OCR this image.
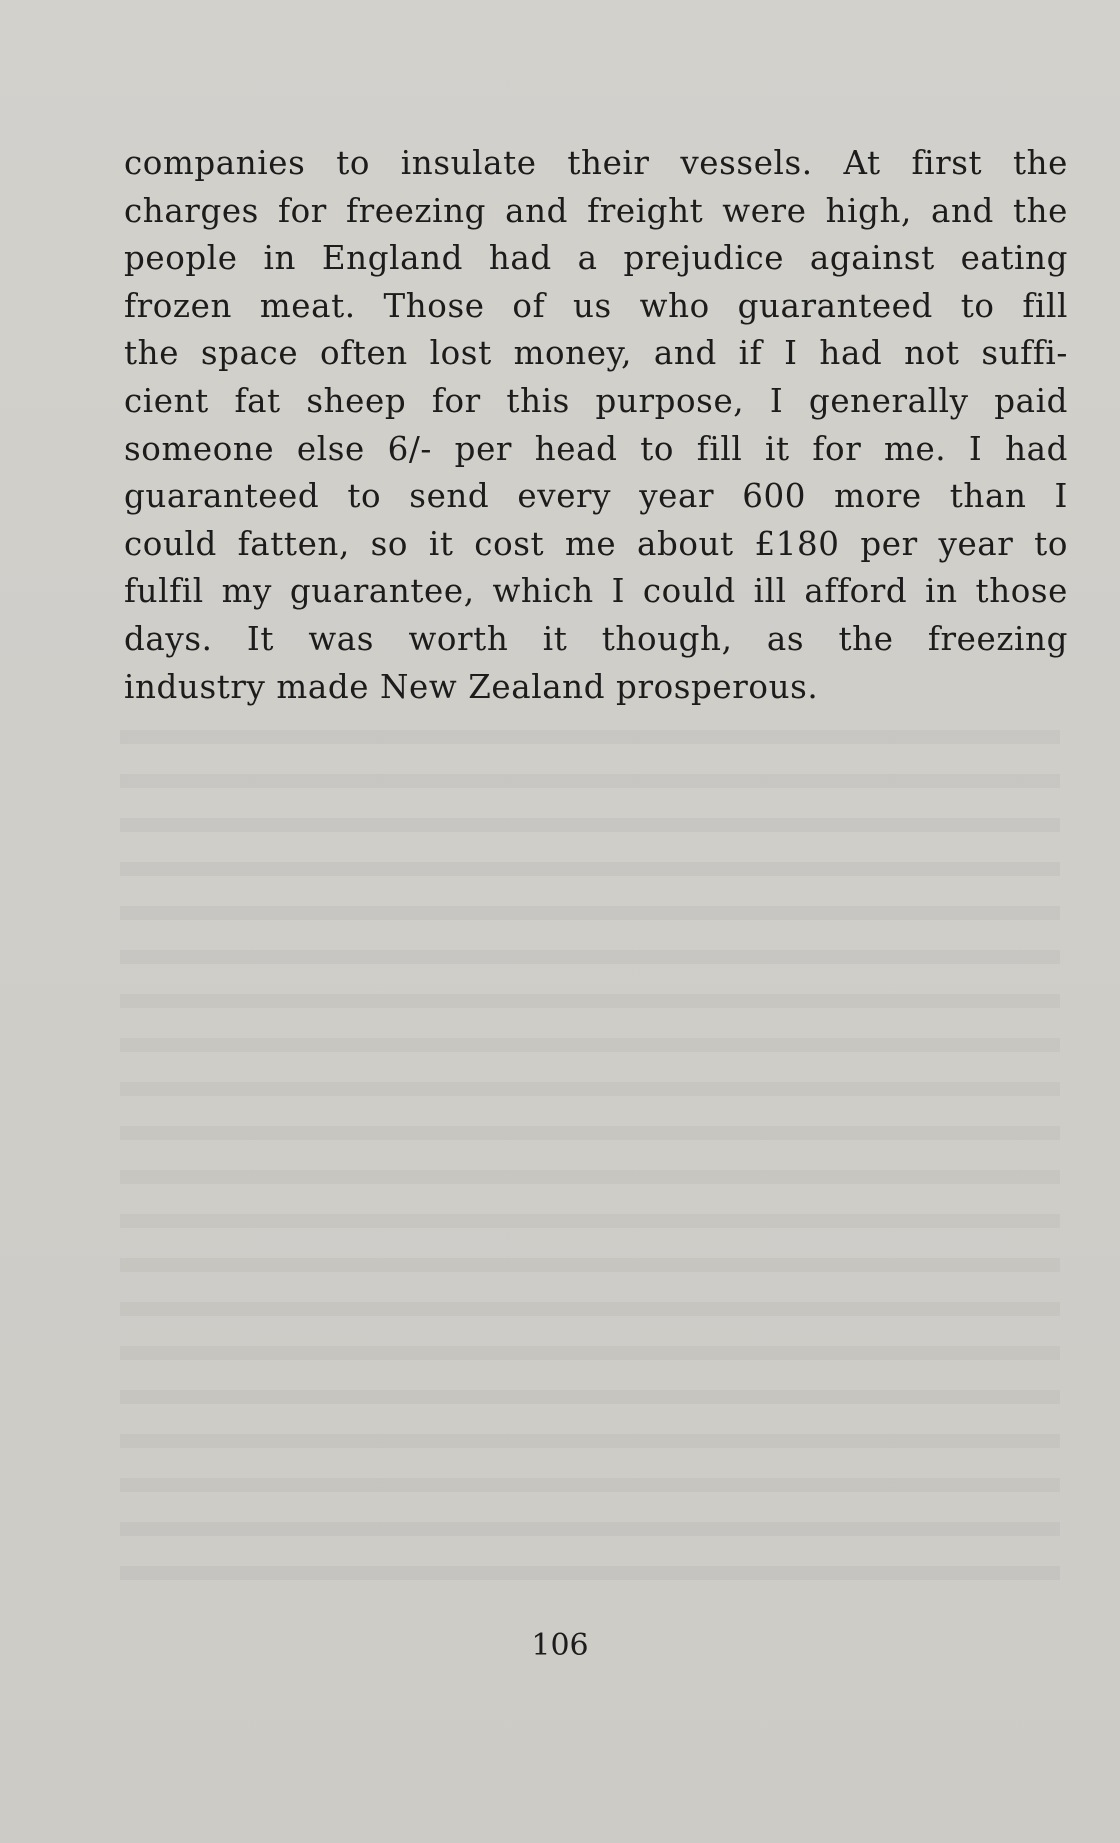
companies to insulate their vessels. At first the
charges for freezing and freight were high, and the
people in England had a prejudice against eating
frozen meat. Those of us who guaranteed to fill
the space often lost money, and if I had not suffi-
cient fat sheep for this purpose, I generally paid
someone else 6/- per head to fill it for me. I had
guaranteed to send every year 600 more than I
could fatten, so it cost me about £180 per year to
fulfil my guarantee, which I could ill afford in those
days. It was worth it though, as the freezing
industry made New Zealand prosperous.
106
